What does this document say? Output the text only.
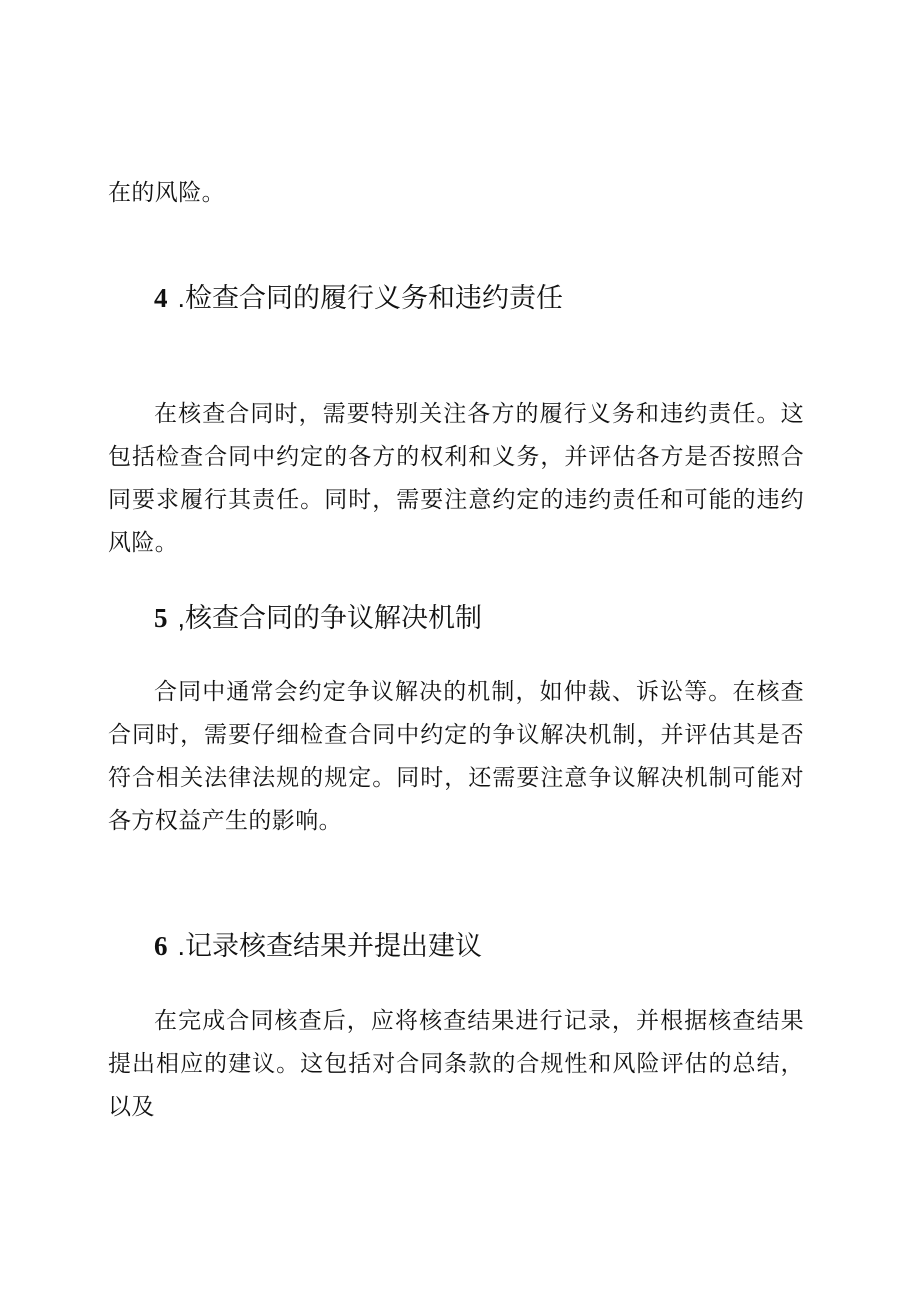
在的风险。

4 .检查合同的履行义务和违约责任

在核查合同时，需要特别关注各方的履行义务和违约责任。这包括检查合同中约定的各方的权利和义务，并评估各方是否按照合同要求履行其责任。同时，需要注意约定的违约责任和可能的违约风险。

5 ,核查合同的争议解决机制

合同中通常会约定争议解决的机制，如仲裁、诉讼等。在核查合同时，需要仔细检查合同中约定的争议解决机制，并评估其是否符合相关法律法规的规定。同时，还需要注意争议解决机制可能对各方权益产生的影响。

6 .记录核查结果并提出建议

在完成合同核查后，应将核查结果进行记录，并根据核查结果提出相应的建议。这包括对合同条款的合规性和风险评估的总结，以及
